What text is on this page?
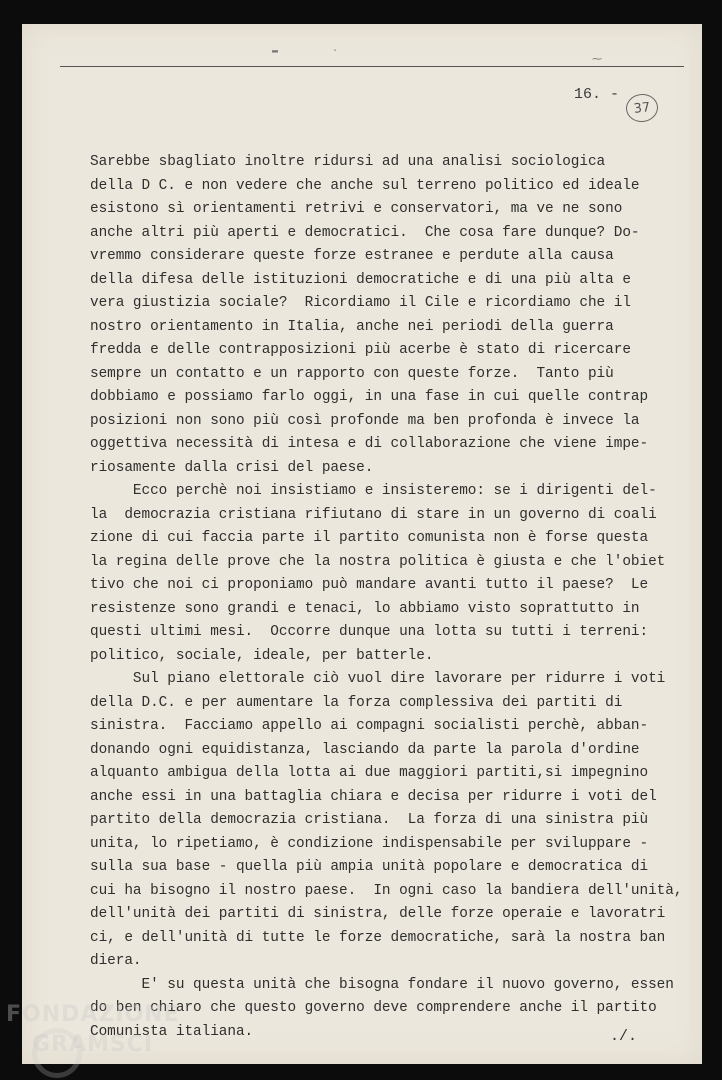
▬         ·
⁓
16. -
37
Sarebbe sbagliato inoltre ridursi ad una analisi sociologica
della D C. e non vedere che anche sul terreno politico ed ideale
esistono sì orientamenti retrivi e conservatori, ma ve ne sono
anche altri più aperti e democratici.  Che cosa fare dunque? Do-
vremmo considerare queste forze estranee e perdute alla causa
della difesa delle istituzioni democratiche e di una più alta e
vera giustizia sociale?  Ricordiamo il Cile e ricordiamo che il
nostro orientamento in Italia, anche nei periodi della guerra
fredda e delle contrapposizioni più acerbe è stato di ricercare
sempre un contatto e un rapporto con queste forze.  Tanto più
dobbiamo e possiamo farlo oggi, in una fase in cui quelle contrap
posizioni non sono più così profonde ma ben profonda è invece la
oggettiva necessità di intesa e di collaborazione che viene impe-
riosamente dalla crisi del paese.
Ecco perchè noi insistiamo e insisteremo: se i dirigenti del-
la  democrazia cristiana rifiutano di stare in un governo di coali
zione di cui faccia parte il partito comunista non è forse questa
la regina delle prove che la nostra politica è giusta e che l'obiet
tivo che noi ci proponiamo può mandare avanti tutto il paese?  Le
resistenze sono grandi e tenaci, lo abbiamo visto soprattutto in
questi ultimi mesi.  Occorre dunque una lotta su tutti i terreni:
politico, sociale, ideale, per batterle.
Sul piano elettorale ciò vuol dire lavorare per ridurre i voti
della D.C. e per aumentare la forza complessiva dei partiti di
sinistra.  Facciamo appello ai compagni socialisti perchè, abban-
donando ogni equidistanza, lasciando da parte la parola d'ordine
alquanto ambigua della lotta ai due maggiori partiti,si impegnino
anche essi in una battaglia chiara e decisa per ridurre i voti del
partito della democrazia cristiana.  La forza di una sinistra più
unita, lo ripetiamo, è condizione indispensabile per sviluppare -
sulla sua base - quella più ampia unità popolare e democratica di
cui ha bisogno il nostro paese.  In ogni caso la bandiera dell'unità,
dell'unità dei partiti di sinistra, delle forze operaie e lavoratri
ci, e dell'unità di tutte le forze democratiche, sarà la nostra ban
diera.
E' su questa unità che bisogna fondare il nuovo governo, essen
do ben chiaro che questo governo deve comprendere anche il partito
Comunista italiana.	./.
FONDAZIONE
GRAMSCI
